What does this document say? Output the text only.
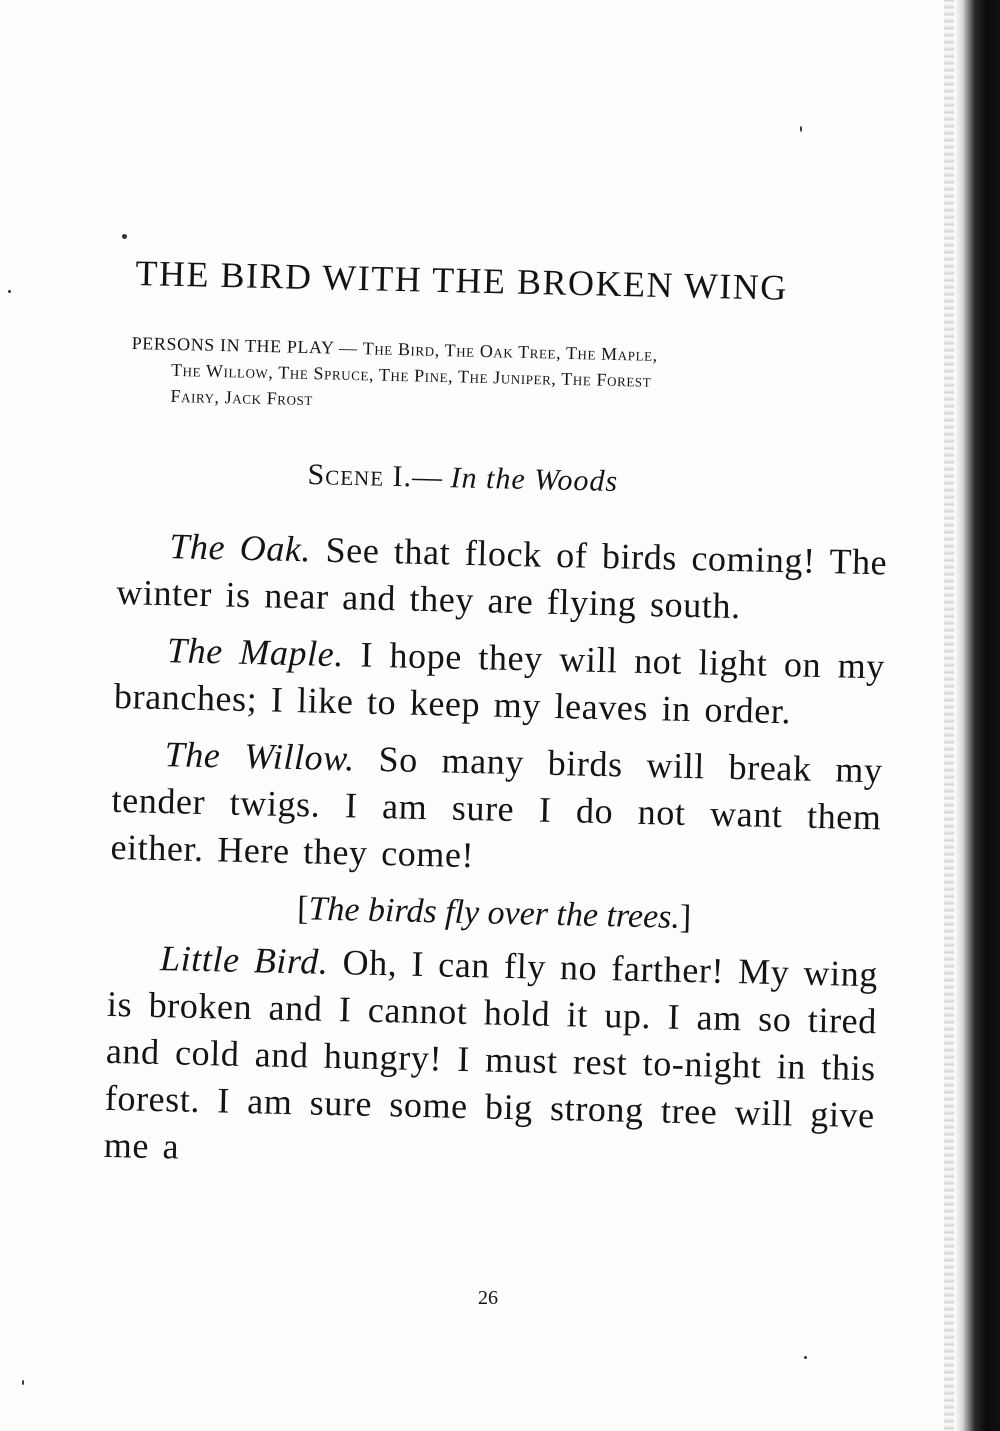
THE BIRD WITH THE BROKEN WING
PERSONS IN THE PLAY — The Bird, The Oak Tree, The Maple,
The Willow, The Spruce, The Pine, The Juniper, The Forest
Fairy, Jack Frost
Scene I.— In the Woods

The Oak. See that flock of birds coming! The winter is near and they are flying south.

The Maple. I hope they will not light on my branches; I like to keep my leaves in order.

The Willow. So many birds will break my tender twigs. I am sure I do not want them either. Here they come!

[The birds fly over the trees.]

Little Bird. Oh, I can fly no farther! My wing is broken and I cannot hold it up. I am so tired and cold and hungry! I must rest to-night in this forest. I am sure some big strong tree will give me a

26
